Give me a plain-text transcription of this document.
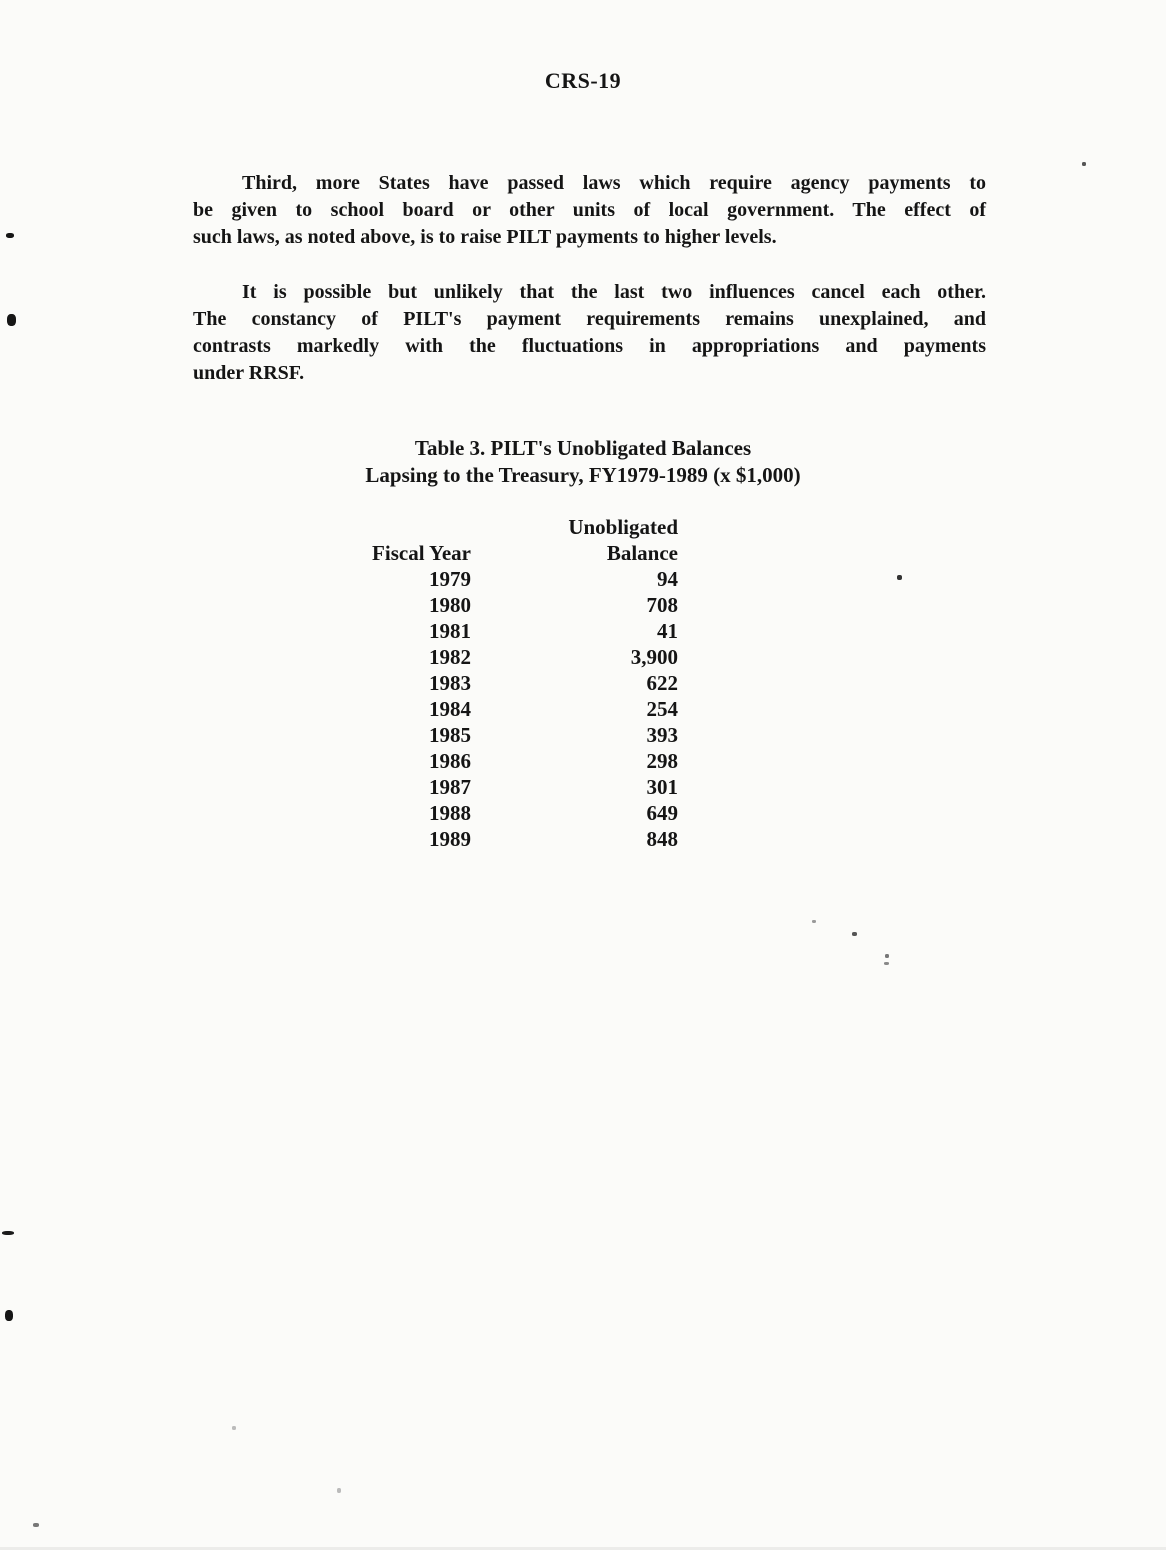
CRS-19
Third, more States have passed laws which require agency payments to
be given to school board or other units of local government. The effect of
such laws, as noted above, is to raise PILT payments to higher levels.
It is possible but unlikely that the last two influences cancel each other.
The constancy of PILT's payment requirements remains unexplained, and
contrasts markedly with the fluctuations in appropriations and payments
under RRSF.
Table 3. PILT's Unobligated Balances
Lapsing to the Treasury, FY1979-1989 (x $1,000)
Unobligated
Fiscal Year	Balance
1979	94
1980	708
1981	41
1982	3,900
1983	622
1984	254
1985	393
1986	298
1987	301
1988	649
1989	848
